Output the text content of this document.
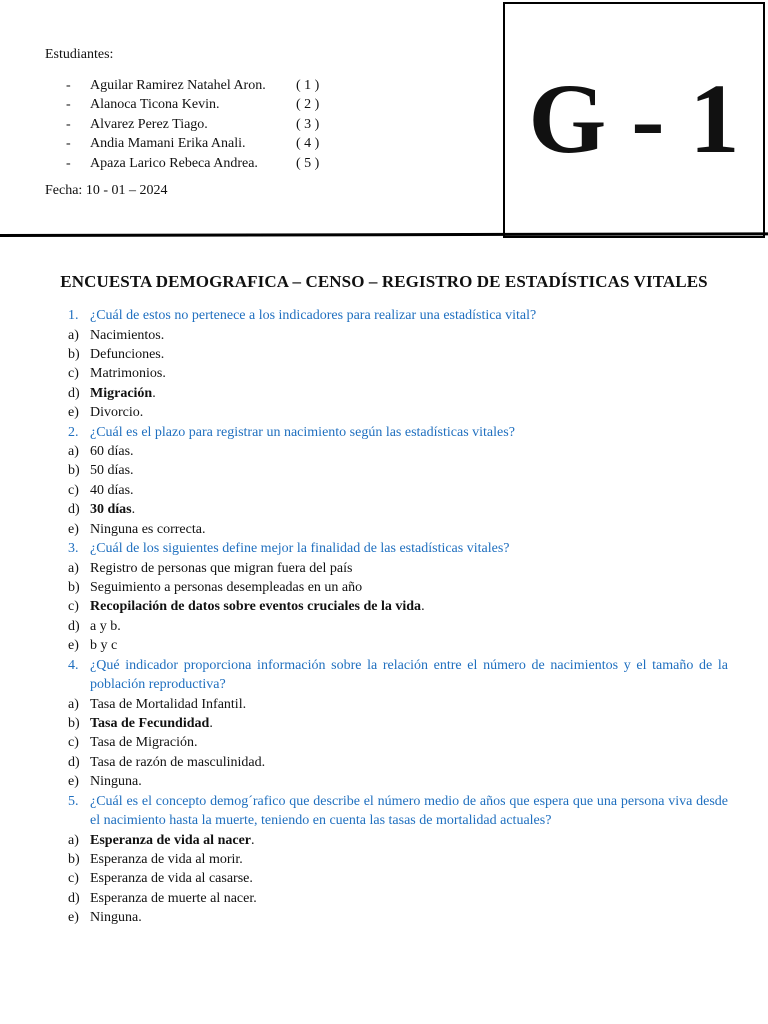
Estudiantes:
- Aguilar Ramirez Natahel Aron. ( 1 )
- Alanoca Ticona Kevin.	( 2 )
- Alvarez Perez Tiago.	( 3 )
- Andia Mamani Erika Anali.	( 4 )
- Apaza Larico Rebeca Andrea.	( 5 )
Fecha: 10 - 01 – 2024
G - 1
ENCUESTA DEMOGRAFICA – CENSO – REGISTRO DE ESTADÍSTICAS VITALES
1. ¿Cuál de estos no pertenece a los indicadores para realizar una estadística vital?
a) Nacimientos.
b) Defunciones.
c) Matrimonios.
d) Migración.
e) Divorcio.
2. ¿Cuál es el plazo para registrar un nacimiento según las estadísticas vitales?
a) 60 días.
b) 50 días.
c) 40 días.
d) 30 días.
e) Ninguna es correcta.
3. ¿Cuál de los siguientes define mejor la finalidad de las estadísticas vitales?
a) Registro de personas que migran fuera del país
b) Seguimiento a personas desempleadas en un año
c) Recopilación de datos sobre eventos cruciales de la vida.
d) a y b.
e) b y c
4. ¿Qué indicador proporciona información sobre la relación entre el número de nacimientos y el tamaño de la población reproductiva?
a) Tasa de Mortalidad Infantil.
b) Tasa de Fecundidad.
c) Tasa de Migración.
d) Tasa de razón de masculinidad.
e) Ninguna.
5. ¿Cuál es el concepto demog´rafico que describe el número medio de años que espera que una persona viva desde el nacimiento hasta la muerte, teniendo en cuenta las tasas de mortalidad actuales?
a) Esperanza de vida al nacer.
b) Esperanza de vida al morir.
c) Esperanza de vida al casarse.
d) Esperanza de muerte al nacer.
e) Ninguna.
